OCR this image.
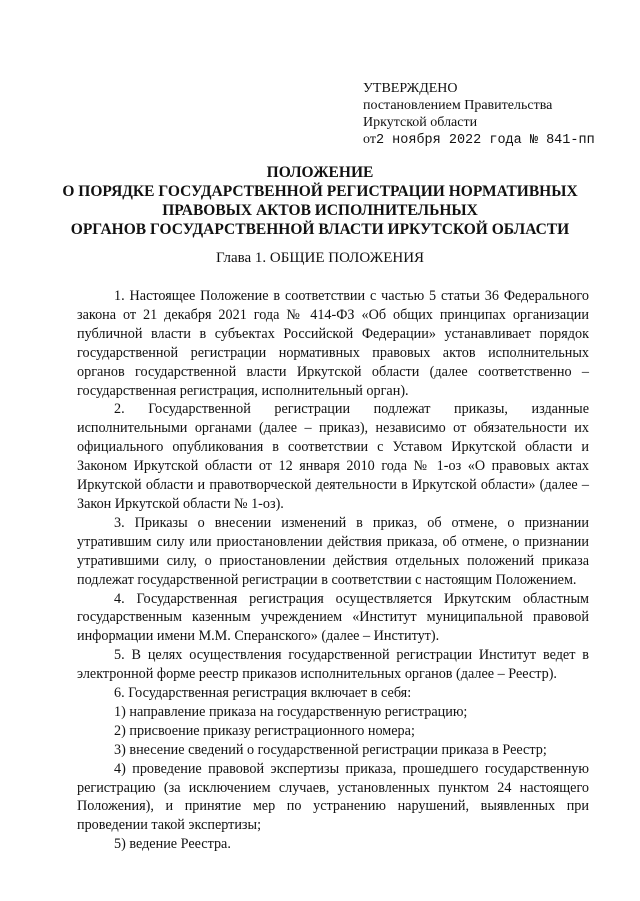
УТВЕРЖДЕНО
постановлением Правительства
Иркутской области
от2 ноября 2022 года № 841-пп
ПОЛОЖЕНИЕ
О ПОРЯДКЕ ГОСУДАРСТВЕННОЙ РЕГИСТРАЦИИ НОРМАТИВНЫХ
ПРАВОВЫХ АКТОВ ИСПОЛНИТЕЛЬНЫХ
ОРГАНОВ ГОСУДАРСТВЕННОЙ ВЛАСТИ ИРКУТСКОЙ ОБЛАСТИ
Глава 1. ОБЩИЕ ПОЛОЖЕНИЯ

1. Настоящее Положение в соответствии с частью 5 статьи 36 Федерального закона от 21 декабря 2021 года № 414-ФЗ «Об общих принципах организации публичной власти в субъектах Российской Федерации» устанавливает порядок государственной регистрации нормативных правовых актов исполнительных органов государственной власти Иркутской области (далее соответственно – государственная регистрация, исполнительный орган).

2. Государственной регистрации подлежат приказы, изданные исполнительными органами (далее – приказ), независимо от обязательности их официального опубликования в соответствии с Уставом Иркутской области и Законом Иркутской области от 12 января 2010 года № 1-оз «О правовых актах Иркутской области и правотворческой деятельности в Иркутской области» (далее – Закон Иркутской области № 1-оз).

3. Приказы о внесении изменений в приказ, об отмене, о признании утратившим силу или приостановлении действия приказа, об отмене, о признании утратившими силу, о приостановлении действия отдельных положений приказа подлежат государственной регистрации в соответствии с настоящим Положением.

4. Государственная регистрация осуществляется Иркутским областным государственным казенным учреждением «Институт муниципальной правовой информации имени М.М. Сперанского» (далее – Институт).

5. В целях осуществления государственной регистрации Институт ведет в электронной форме реестр приказов исполнительных органов (далее – Реестр).

6. Государственная регистрация включает в себя:

1) направление приказа на государственную регистрацию;

2) присвоение приказу регистрационного номера;

3) внесение сведений о государственной регистрации приказа в Реестр;

4) проведение правовой экспертизы приказа, прошедшего государственную регистрацию (за исключением случаев, установленных пунктом 24 настоящего Положения), и принятие мер по устранению нарушений, выявленных при проведении такой экспертизы;

5) ведение Реестра.
